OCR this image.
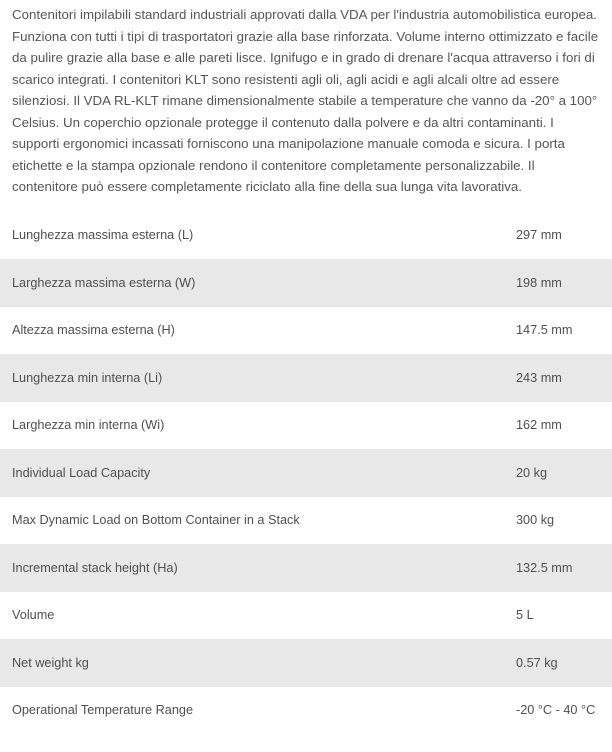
Contenitori impilabili standard industriali approvati dalla VDA per l'industria automobilistica europea. Funziona con tutti i tipi di trasportatori grazie alla base rinforzata. Volume interno ottimizzato e facile da pulire grazie alla base e alle pareti lisce. Ignifugo e in grado di drenare l'acqua attraverso i fori di scarico integrati. I contenitori KLT sono resistenti agli oli, agli acidi e agli alcali oltre ad essere silenziosi. Il VDA RL-KLT rimane dimensionalmente stabile a temperature che vanno da -20° a 100° Celsius. Un coperchio opzionale protegge il contenuto dalla polvere e da altri contaminanti. I supporti ergonomici incassati forniscono una manipolazione manuale comoda e sicura. I porta etichette e la stampa opzionale rendono il contenitore completamente personalizzabile. Il contenitore può essere completamente riciclato alla fine della sua lunga vita lavorativa.
Lunghezza massima esterna (L)	297 mm
Larghezza massima esterna (W)	198 mm
Altezza massima esterna (H)	147.5 mm
Lunghezza min interna (Li)	243 mm
Larghezza min interna (Wi)	162 mm
Individual Load Capacity	20 kg
Max Dynamic Load on Bottom Container in a Stack	300 kg
Incremental stack height (Ha)	132.5 mm
Volume	5 L
Net weight kg	0.57 kg
Operational Temperature Range	-20 °C - 40 °C
